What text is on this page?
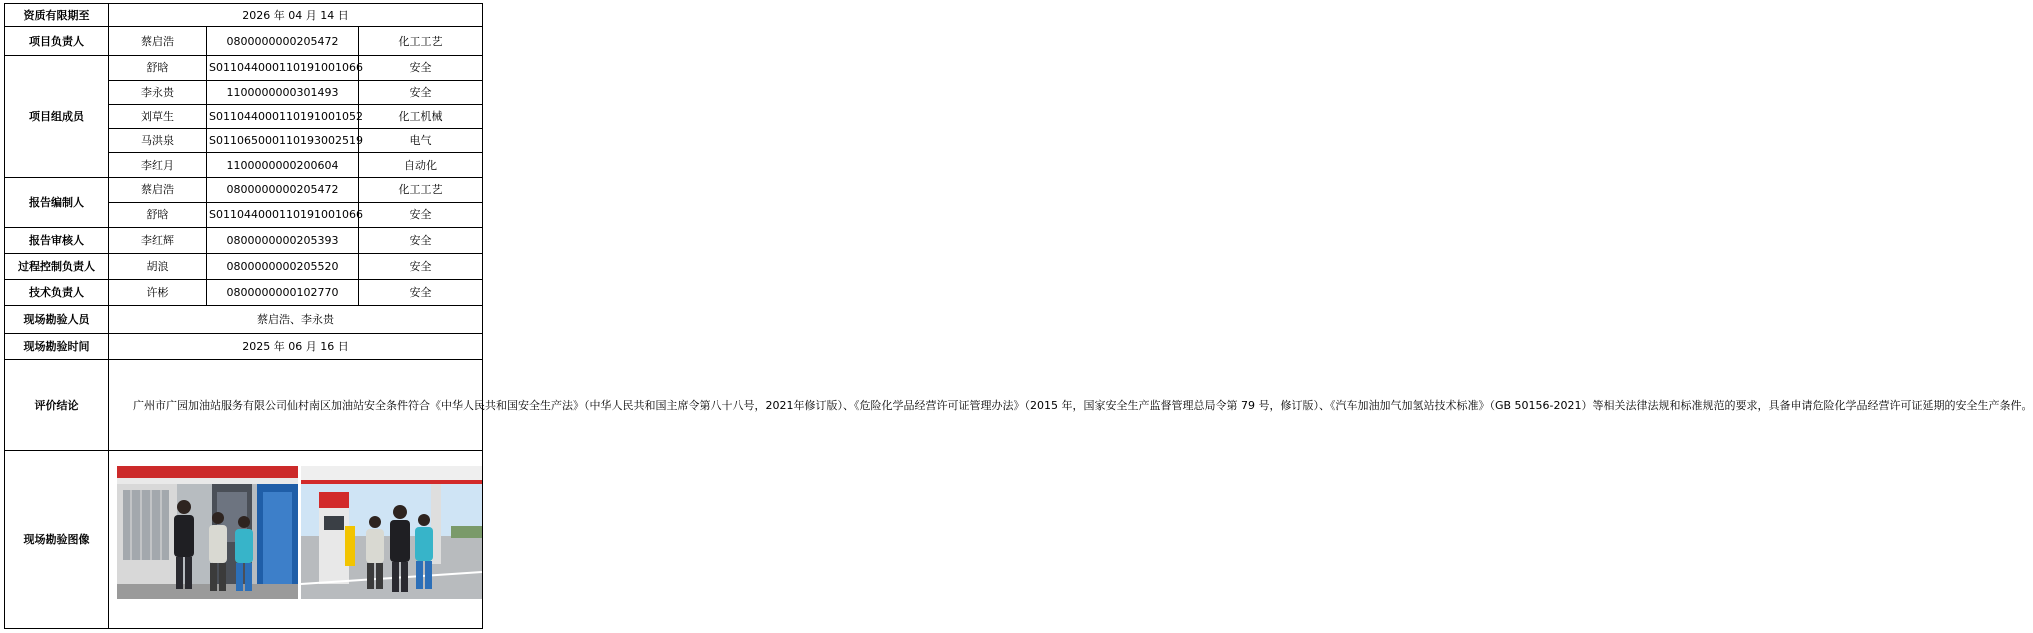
资质有限期至	2026 年 04 月 14 日		
项目负责人	蔡启浩	0800000000205472	化工工艺
项目组成员	舒晗	S011044000110191001066	安全
	李永贵	1100000000301493	安全
	刘草生	S011044000110191001052	化工机械
	马洪泉	S011065000110193002519	电气
	李红月	1100000000200604	自动化
报告编制人	蔡启浩	0800000000205472	化工工艺
	舒晗	S011044000110191001066	安全
报告审核人	李红辉	0800000000205393	安全
过程控制负责人	胡浪	0800000000205520	安全
技术负责人	许彬	0800000000102770	安全
现场勘验人员	蔡启浩、李永贵		
现场勘验时间	2025 年 06 月 16 日		
评价结论	广州市广园加油站服务有限公司仙村南区加油站安全条件符合《中华人民共和国安全生产法》（中华人民共和国主席令第八十八号，2021年修订版）、《危险化学品经营许可证管理办法》（2015 年，国家安全生产监督管理总局令第 79 号，修订版）、《汽车加油加气加氢站技术标准》（GB 50156-2021）等相关法律法规和标准规范的要求，具备申请危险化学品经营许可证延期的安全生产条件。		
现场勘验图像	
